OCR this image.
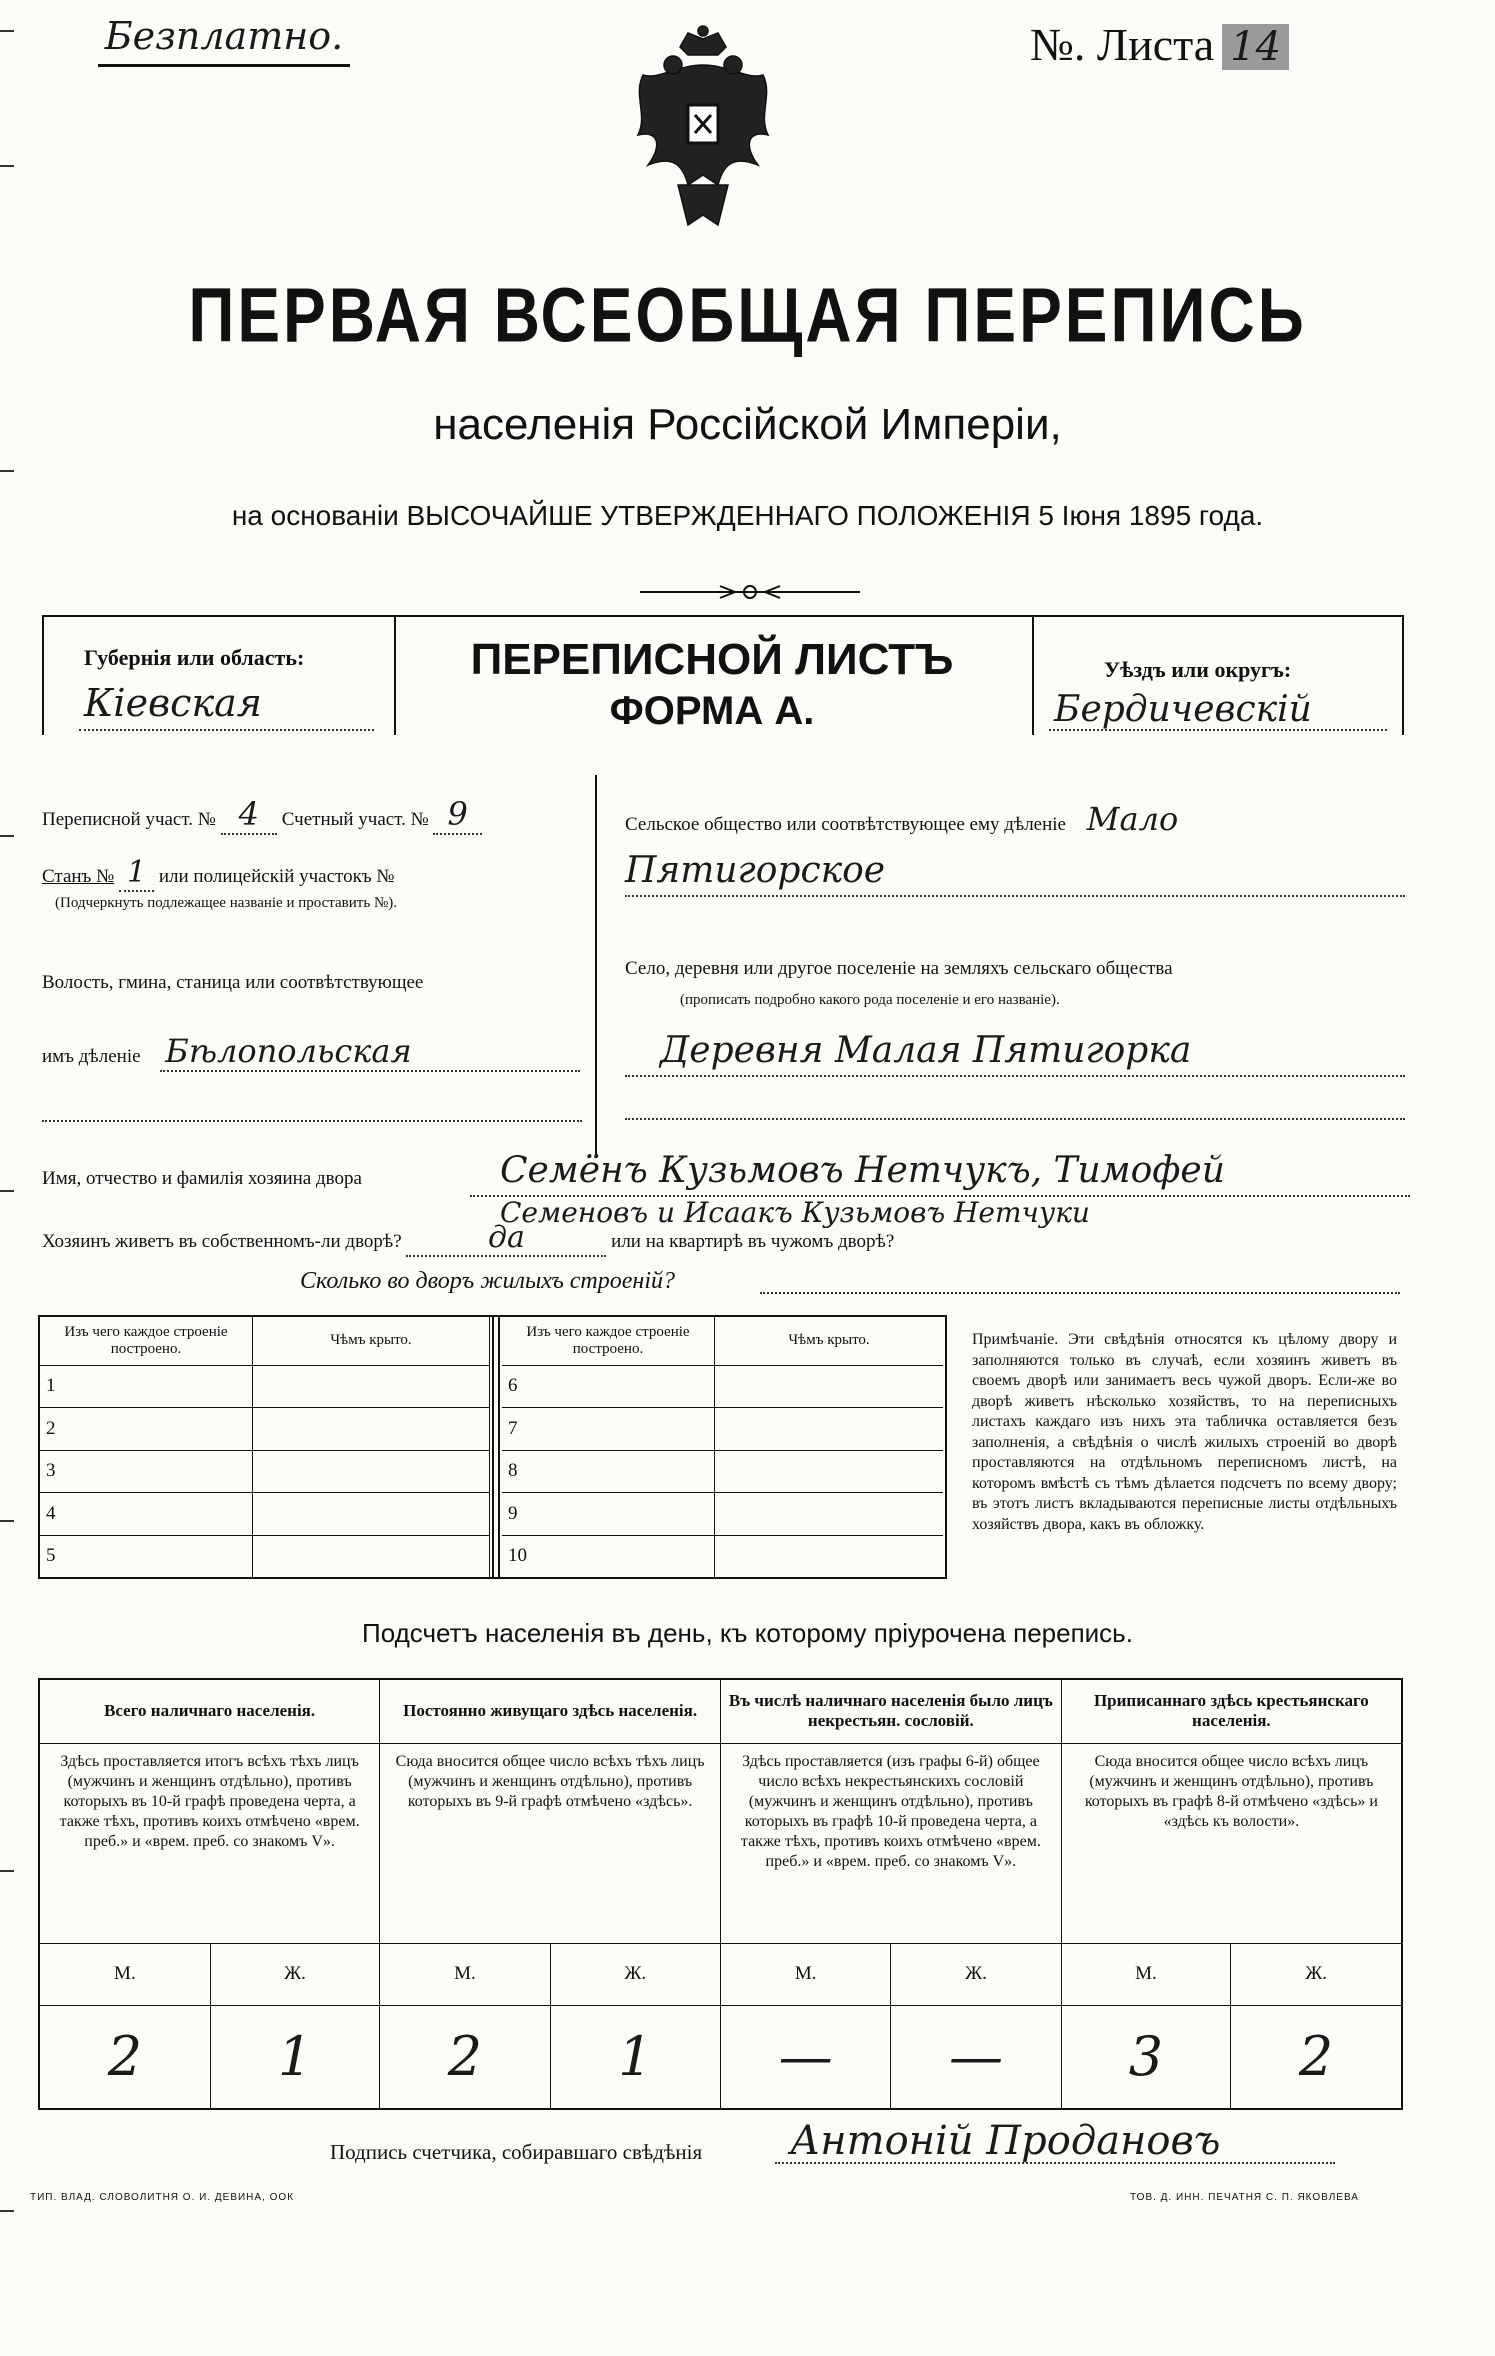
Безплатно.	№. Листа 14
ПЕРВАЯ ВСЕОБЩАЯ ПЕРЕПИСЬ
населенія Россійской Имперіи,
на основаніи ВЫСОЧАЙШЕ УТВЕРЖДЕННАГО ПОЛОЖЕНІЯ 5 Іюня 1895 года.
Губернія или область:
Кіевская
ПЕРЕПИСНОЙ ЛИСТЪ
ФОРМА А.
Уѣздъ или округъ:
Бердичевскій
Переписной участ. № 4 Счетный участ. № 9
Станъ № 1 или полицейскій участокъ №
(Подчеркнуть подлежащее названіе и проставить №).
Волость, гмина, станица или соотвѣтствующее
имъ дѣленіе Бѣлопольская
Сельское общество или соотвѣтствующее ему дѣленіе Мало
Пятигорское
Село, деревня или другое поселеніе на земляхъ сельскаго общества
(прописать подробно какого рода поселеніе и его названіе).
Деревня Малая Пятигорка
Имя, отчество и фамилія хозяина двора	Семёнъ Кузьмовъ Нетчукъ, Тимофей
Семеновъ и Исаакъ Кузьмовъ Нетчуки
Хозяинъ живетъ въ собственномъ-ли дворѣ?	да	или на квартирѣ въ чужомъ дворѣ?
Сколько во дворъ жилыхъ строеній?
Изъ чего каждое строеніе построено.	Чѣмъ крыто.
1	
2	
3	
4	
5	
Изъ чего каждое строеніе построено.	Чѣмъ крыто.
6	
7	
8	
9	
10	
Примѣчаніе. Эти свѣдѣнія относятся къ цѣлому двору и заполняются только въ случаѣ, если хозяинъ живетъ въ своемъ дворѣ или занимаетъ весь чужой дворъ. Если-же во дворѣ живетъ нѣсколько хозяйствъ, то на переписныхъ листахъ каждаго изъ нихъ эта табличка оставляется безъ заполненія, а свѣдѣнія о числѣ жилыхъ строеній во дворѣ проставляются на отдѣльномъ переписномъ листѣ, на которомъ вмѣстѣ съ тѣмъ дѣлается подсчетъ по всему двору; въ этотъ листъ вкладываются переписные листы отдѣльныхъ хозяйствъ двора, какъ въ обложку.
Подсчетъ населенія въ день, къ которому пріурочена перепись.
Всего наличнаго населенія.		Постоянно живущаго здѣсь населенія.		Въ числѣ наличнаго населенія было лицъ некрестьян. сословій.		Приписаннаго здѣсь крестьянскаго населенія.	
Здѣсь проставляется итогъ всѣхъ тѣхъ лицъ (мужчинъ и женщинъ отдѣльно), противъ которыхъ въ 10-й графѣ проведена черта, а также тѣхъ, противъ коихъ отмѣчено «врем. преб.» и «врем. преб. со знакомъ V».		Сюда вносится общее число всѣхъ тѣхъ лицъ (мужчинъ и женщинъ отдѣльно), противъ которыхъ въ 9-й графѣ отмѣчено «здѣсь».		Здѣсь проставляется (изъ графы 6-й) общее число всѣхъ некрестьянскихъ сословій (мужчинъ и женщинъ отдѣльно), противъ которыхъ въ графѣ 10-й проведена черта, а также тѣхъ, противъ коихъ отмѣчено «врем. преб.» и «врем. преб. со знакомъ V».		Сюда вносится общее число всѣхъ лицъ (мужчинъ и женщинъ отдѣльно), противъ которыхъ въ графѣ 8-й отмѣчено «здѣсь» и «здѣсь къ волости».	
М.	Ж.	М.	Ж.	М.	Ж.	М.	Ж.
2	1	2	1	—	—	3	2
Подпись счетчика, собиравшаго свѣдѣнія Антоній Продановъ
ТИП. ВЛАД. СЛОВОЛИТНЯ О. И. ДЕВИНА, ООК	ТОВ. Д. ИНН. ПЕЧАТНЯ С. П. ЯКОВЛЕВА
